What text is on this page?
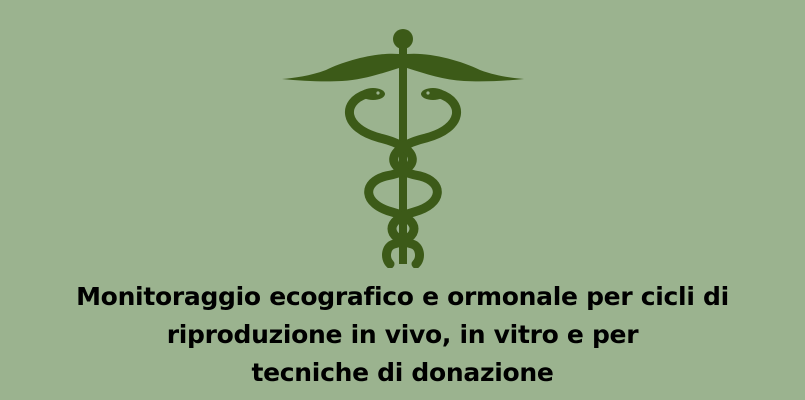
Monitoraggio ecografico e ormonale per cicli di
riproduzione in vivo, in vitro e per
tecniche di donazione
